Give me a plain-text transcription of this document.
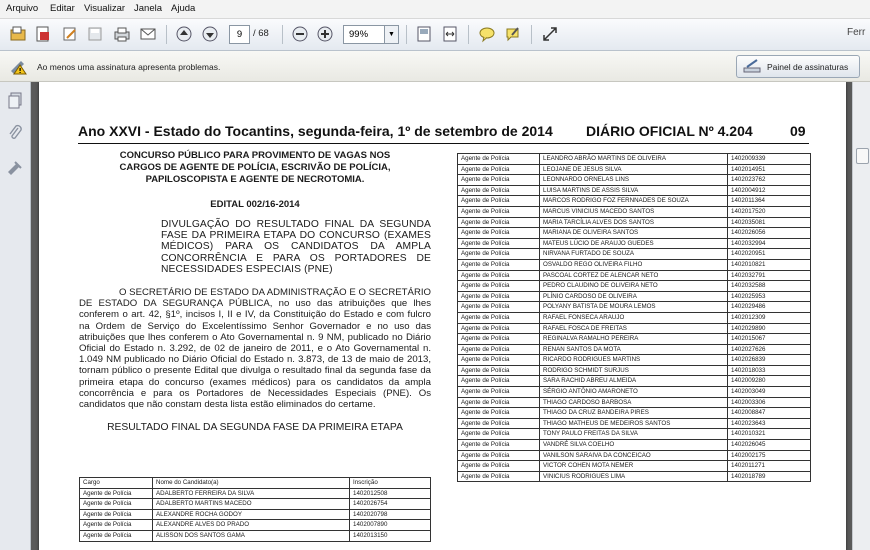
Arquivo Editar Visualizar Janela Ajuda
9	/ 68	99%	▼	Ferr
Ao menos uma assinatura apresenta problemas.	Painel de assinaturas
Ano XXVI - Estado do Tocantins, segunda-feira, 1º de setembro de 2014 DIÁRIO OFICIAL Nº 4.204	09
CONCURSO PÚBLICO PARA PROVIMENTO DE VAGAS NOS CARGOS DE AGENTE DE POLÍCIA, ESCRIVÃO DE POLÍCIA, PAPILOSCOPISTA E AGENTE DE NECROTOMIA.
EDITAL 002/16-2014
DIVULGAÇÃO DO RESULTADO FINAL DA SEGUNDA FASE DA PRIMEIRA ETAPA DO CONCURSO (EXAMES MÉDICOS) PARA OS CANDIDATOS DA AMPLA CONCORRÊNCIA E PARA OS PORTADORES DE NECESSIDADES ESPECIAIS (PNE)
O SECRETÁRIO DE ESTADO DA ADMINISTRAÇÃO E O SECRETÁRIO DE ESTADO DA SEGURANÇA PÚBLICA, no uso das atribuições que lhes conferem o art. 42, §1º, incisos I, II e IV, da Constituição do Estado e com fulcro na Ordem de Serviço do Excelentíssimo Senhor Governador e no uso das atribuições que lhes conferem o Ato Governamental n. 9 NM, publicado no Diário Oficial do Estado n. 3.292, de 02 de janeiro de 2011, e o Ato Governamental n. 1.049 NM publicado no Diário Oficial do Estado n. 3.873, de 13 de maio de 2013, tornam público o presente Edital que divulga o resultado final da segunda fase da primeira etapa do concurso (exames médicos) para os candidatos da ampla concorrência e para os Portadores de Necessidades Especiais (PNE). Os candidatos que não constam desta lista estão eliminados do certame.
RESULTADO FINAL DA SEGUNDA FASE DA PRIMEIRA ETAPA
Cargo	Nome do Candidato(a)	Inscrição
Agente de Polícia	ADALBERTO FERREIRA DA SILVA	1402012508
Agente de Polícia	ADALBERTO MARTINS MACEDO	1402026754
Agente de Polícia	ALEXANDRE ROCHA GODOY	1402020798
Agente de Polícia	ALEXANDRE ALVES DO PRADO	1402007890
Agente de Polícia	ALISSON DOS SANTOS GAMA	1402013150
Agente de Polícia	LEANDRO ABRÃO MARTINS DE OLIVEIRA	1402009339
Agente de Polícia	LEOJANE DE JESUS SILVA	1402014951
Agente de Polícia	LEONNARDO ORNELAS LINS	1402023762
Agente de Polícia	LUISA MARTINS DE ASSIS SILVA	1402004912
Agente de Polícia	MARCOS RODRIGO FOZ FERNNADES DE SOUZA	1402011364
Agente de Polícia	MARCUS VINICIUS MACEDO SANTOS	1402017520
Agente de Polícia	MARIA TARCÍLIA ALVES DOS SANTOS	1402035081
Agente de Polícia	MARIANA DE OLIVEIRA SANTOS	1402026056
Agente de Polícia	MATEUS LÚCIO DE ARAUJO GUEDES	1402032994
Agente de Polícia	NIRVANA FURTADO DE SOUZA	1402020951
Agente de Polícia	OSVALDO REGO OLIVEIRA FILHO	1402010821
Agente de Polícia	PASCOAL CORTEZ DE ALENCAR NETO	1402032791
Agente de Polícia	PEDRO CLAUDINO DE OLIVEIRA NETO	1402032588
Agente de Polícia	PLÍNIO CARDOSO DE OLIVEIRA	1402025953
Agente de Polícia	POLYANY BATISTA DE MOURA LEMOS	1402029486
Agente de Polícia	RAFAEL FONSECA ARAUJO	1402012309
Agente de Polícia	RAFAEL FOSCA DE FREITAS	1402029890
Agente de Polícia	REGINALVA RAMALHO PEREIRA	1402015067
Agente de Polícia	RENAN SANTOS DA MOTA	1402027626
Agente de Polícia	RICARDO RODRIGUES MARTINS	1402026839
Agente de Polícia	RODRIGO SCHMIDT SURJUS	1402018033
Agente de Polícia	SARA RACHID ABREU ALMEIDA	1402009280
Agente de Polícia	SÉRGIO ANTÔNIO AMARONETO	1402003049
Agente de Polícia	THIAGO CARDOSO BARBOSA	1402003306
Agente de Polícia	THIAGO DA CRUZ BANDEIRA PIRES	1402008847
Agente de Polícia	THIAGO MATHEUS DE MEDEIROS SANTOS	1402023643
Agente de Polícia	TONY PAULO FREITAS DA SILVA	1402010321
Agente de Polícia	VANDRÉ SILVA COELHO	1402026045
Agente de Polícia	VANILSON SARAIVA DA CONCEICAO	1402002175
Agente de Polícia	VICTOR COHEN MOTA NEMER	1402011271
Agente de Polícia	VINICIUS RODRIGUES LIMA	1402018789
